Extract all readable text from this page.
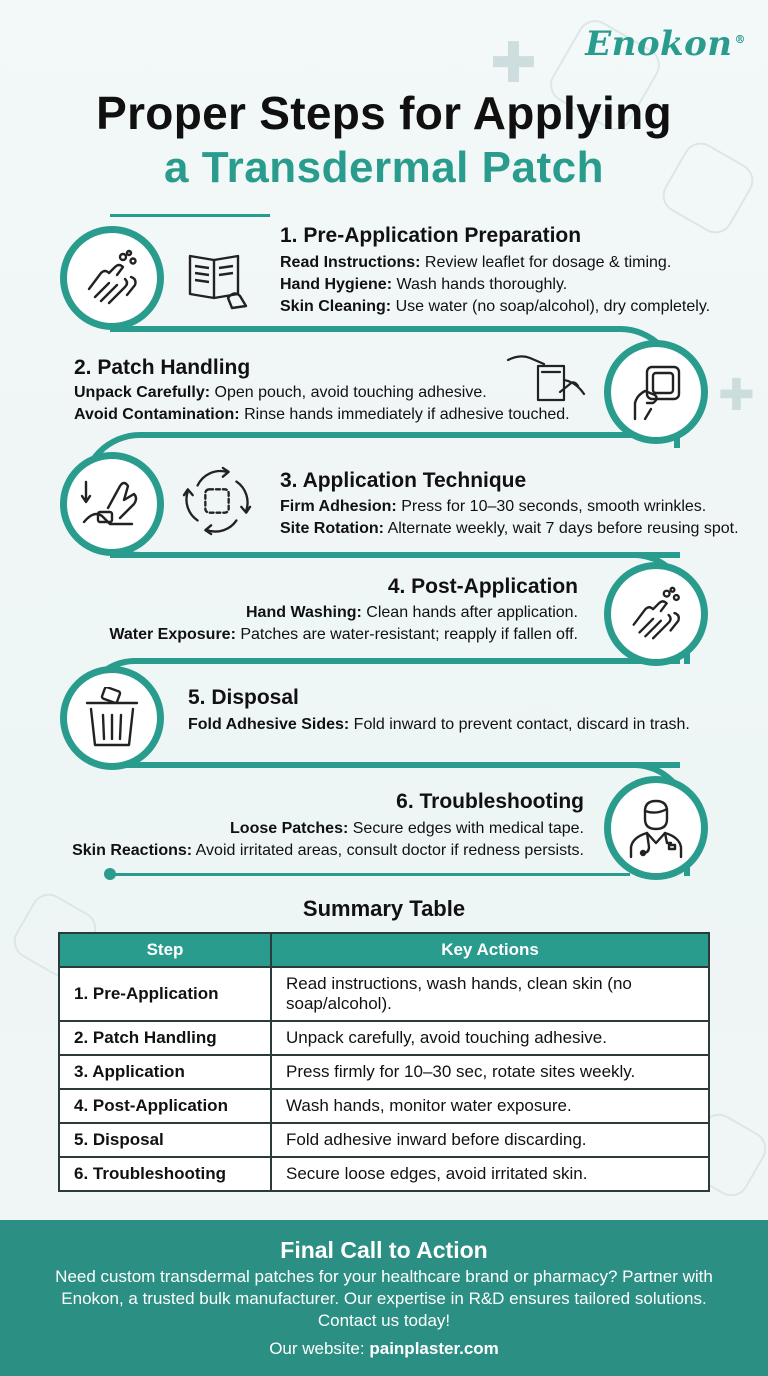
✚
✚
Enokon ®
Proper Steps for Applying
a Transdermal Patch
1. Pre-Application Preparation
Read Instructions: Review leaflet for dosage & timing.
Hand Hygiene: Wash hands thoroughly.
Skin Cleaning: Use water (no soap/alcohol), dry completely.
2. Patch Handling
Unpack Carefully: Open pouch, avoid touching adhesive.
Avoid Contamination: Rinse hands immediately if adhesive touched.
3. Application Technique
Firm Adhesion: Press for 10–30 seconds, smooth wrinkles.
Site Rotation: Alternate weekly, wait 7 days before reusing spot.
4. Post-Application
Hand Washing: Clean hands after application.
Water Exposure: Patches are water-resistant; reapply if fallen off.
5. Disposal
Fold Adhesive Sides: Fold inward to prevent contact, discard in trash.
6. Troubleshooting
Loose Patches: Secure edges with medical tape.
Skin Reactions: Avoid irritated areas, consult doctor if redness persists.
Summary Table
Step	Key Actions
1. Pre-Application	Read instructions, wash hands, clean skin (no soap/alcohol).
2. Patch Handling	Unpack carefully, avoid touching adhesive.
3. Application	Press firmly for 10–30 sec, rotate sites weekly.
4. Post-Application	Wash hands, monitor water exposure.
5. Disposal	Fold adhesive inward before discarding.
6. Troubleshooting	Secure loose edges, avoid irritated skin.
Final Call to Action

Need custom transdermal patches for your healthcare brand or pharmacy? Partner with Enokon, a trusted bulk manufacturer. Our expertise in R&D ensures tailored solutions. Contact us today!

Our website: painplaster.com
